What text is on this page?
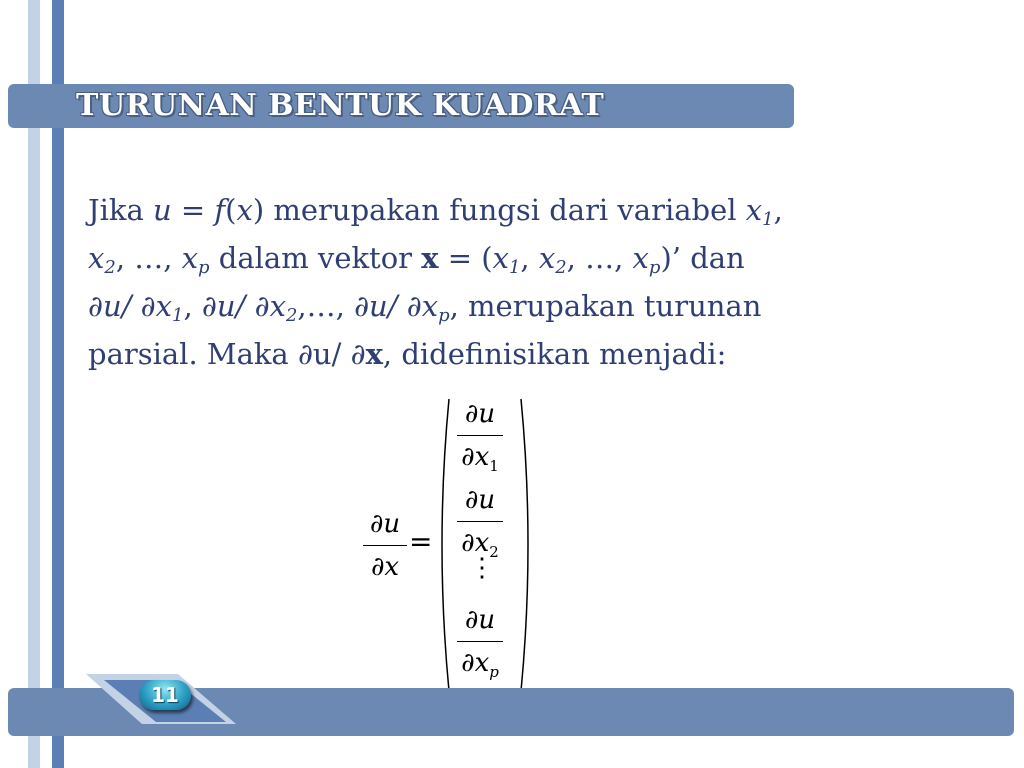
TURUNAN BENTUK KUADRAT
Jika u = f(x) merupakan fungsi dari variabel $x_1$,
$x_2$, …, $x_p$ dalam vektor $x = (x_1$, $x_2$, …, $x_p$)’ dan
∂u/ $\partial x_1$, ∂u/ $\partial x_2,\dots$, ∂u/ $\partial x_p$, merupakan turunan
parsial. Maka ∂u/ ∂x, didefinisikan menjadi:
∂u
∂x
=
∂u
$\partial x_1$
∂u
$\partial x_2$
⋮
∂u
$\partial x_p$
11
